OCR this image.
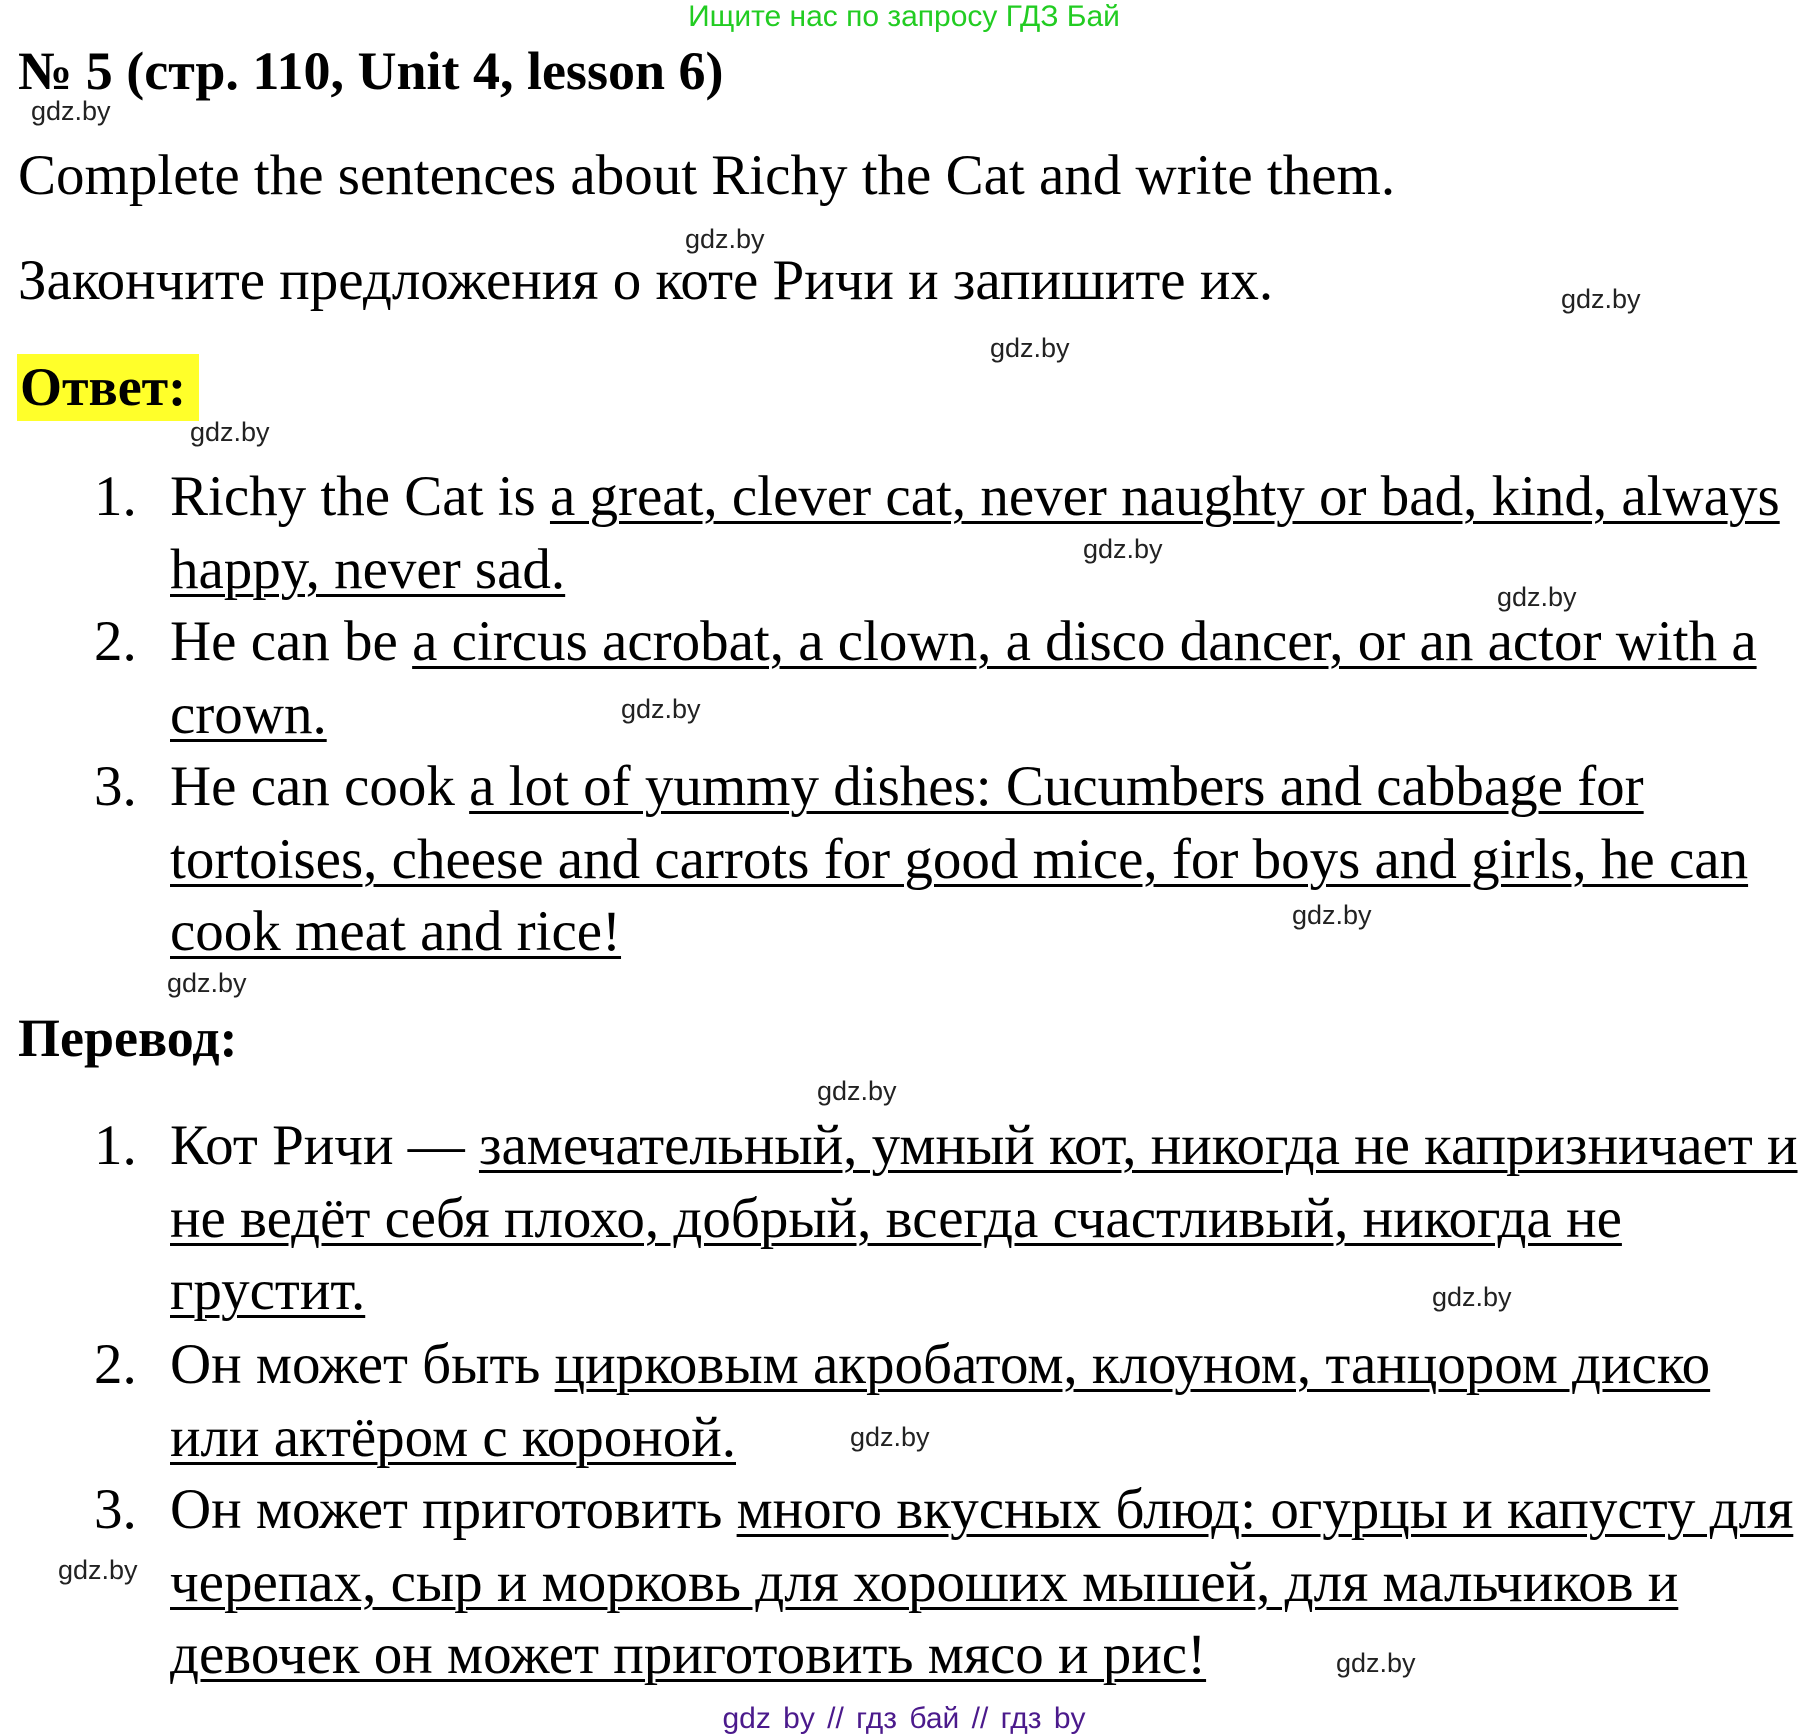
Ищите нас по запросу ГДЗ Бай
№ 5 (стр. 110, Unit 4, lesson 6)
Complete the sentences about Richy the Cat and write them.
Закончите предложения о коте Ричи и запишите их.
Ответ:
1. Richy the Cat is a great, clever cat, never naughty or bad, kind, always happy, never sad.
2. He can be a circus acrobat, a clown, a disco dancer, or an actor with a crown.
3. He can cook a lot of yummy dishes: Cucumbers and cabbage for tortoises, cheese and carrots for good mice, for boys and girls, he can cook meat and rice!
Перевод:
1. Кот Ричи — замечательный, умный кот, никогда не капризничает и не ведёт себя плохо, добрый, всегда счастливый, никогда не грустит.
2. Он может быть цирковым акробатом, клоуном, танцором диско или актёром с короной.
3. Он может приготовить много вкусных блюд: огурцы и капусту для черепах, сыр и морковь для хороших мышей, для мальчиков и девочек он может приготовить мясо и рис!
gdz.by
gdz.by
gdz.by
gdz.by
gdz.by
gdz.by
gdz.by
gdz.by
gdz.by
gdz.by
gdz.by
gdz.by
gdz.by
gdz.by
gdz.by
gdz by // гдз бай // гдз by
